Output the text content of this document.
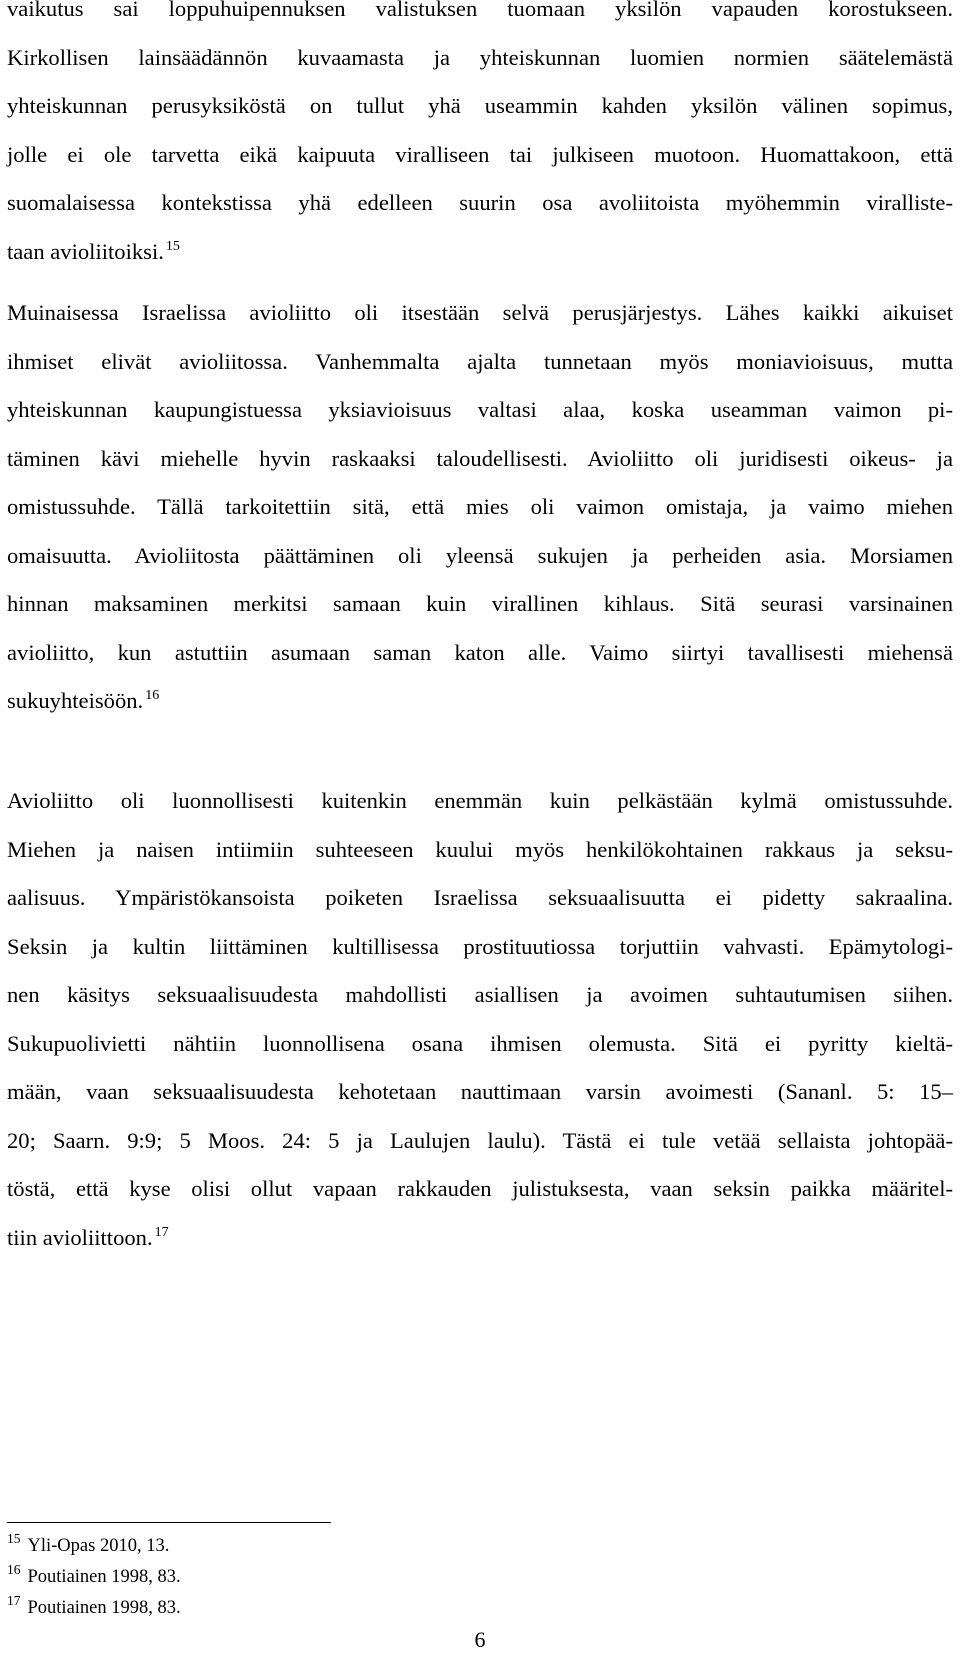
vaikutus sai loppuhuipennuksen valistuksen tuomaan yksilön vapauden korostukseen.
Kirkollisen lainsäädännön kuvaamasta ja yhteiskunnan luomien normien säätelemästä
yhteiskunnan perusyksiköstä on tullut yhä useammin kahden yksilön välinen sopimus,
jolle ei ole tarvetta eikä kaipuuta viralliseen tai julkiseen muotoon. Huomattakoon, että
suomalaisessa kontekstissa yhä edelleen suurin osa avoliitoista myöhemmin viralliste-
taan avioliitoiksi. $^{15}$

Muinaisessa Israelissa avioliitto oli itsestään selvä perusjärjestys. Lähes kaikki aikuiset
ihmiset elivät avioliitossa. Vanhemmalta ajalta tunnetaan myös moniavioisuus, mutta
yhteiskunnan kaupungistuessa yksiavioisuus valtasi alaa, koska useamman vaimon pi-
täminen kävi miehelle hyvin raskaaksi taloudellisesti. Avioliitto oli juridisesti oikeus- ja
omistussuhde. Tällä tarkoitettiin sitä, että mies oli vaimon omistaja, ja vaimo miehen
omaisuutta. Avioliitosta päättäminen oli yleensä sukujen ja perheiden asia. Morsiamen
hinnan maksaminen merkitsi samaan kuin virallinen kihlaus. Sitä seurasi varsinainen
avioliitto, kun astuttiin asumaan saman katon alle. Vaimo siirtyi tavallisesti miehensä
sukuyhteisöön. $^{16}$

Avioliitto oli luonnollisesti kuitenkin enemmän kuin pelkästään kylmä omistussuhde.
Miehen ja naisen intiimiin suhteeseen kuului myös henkilökohtainen rakkaus ja seksu-
aalisuus. Ympäristökansoista poiketen Israelissa seksuaalisuutta ei pidetty sakraalina.
Seksin ja kultin liittäminen kultillisessa prostituutiossa torjuttiin vahvasti. Epämytologi-
nen käsitys seksuaalisuudesta mahdollisti asiallisen ja avoimen suhtautumisen siihen.
Sukupuolivietti nähtiin luonnollisena osana ihmisen olemusta. Sitä ei pyritty kieltä-
mään, vaan seksuaalisuudesta kehotetaan nauttimaan varsin avoimesti (Sananl. 5: 15–
20; Saarn. 9:9; 5 Moos. 24: 5 ja Laulujen laulu). Tästä ei tule vetää sellaista johtopää-
töstä, että kyse olisi ollut vapaan rakkauden julistuksesta, vaan seksin paikka määritel-
tiin avioliittoon. $^{17}$

$^{15}$ Yli-Opas 2010, 13.
$^{16}$ Poutiainen 1998, 83.
$^{17}$ Poutiainen 1998, 83.
6
